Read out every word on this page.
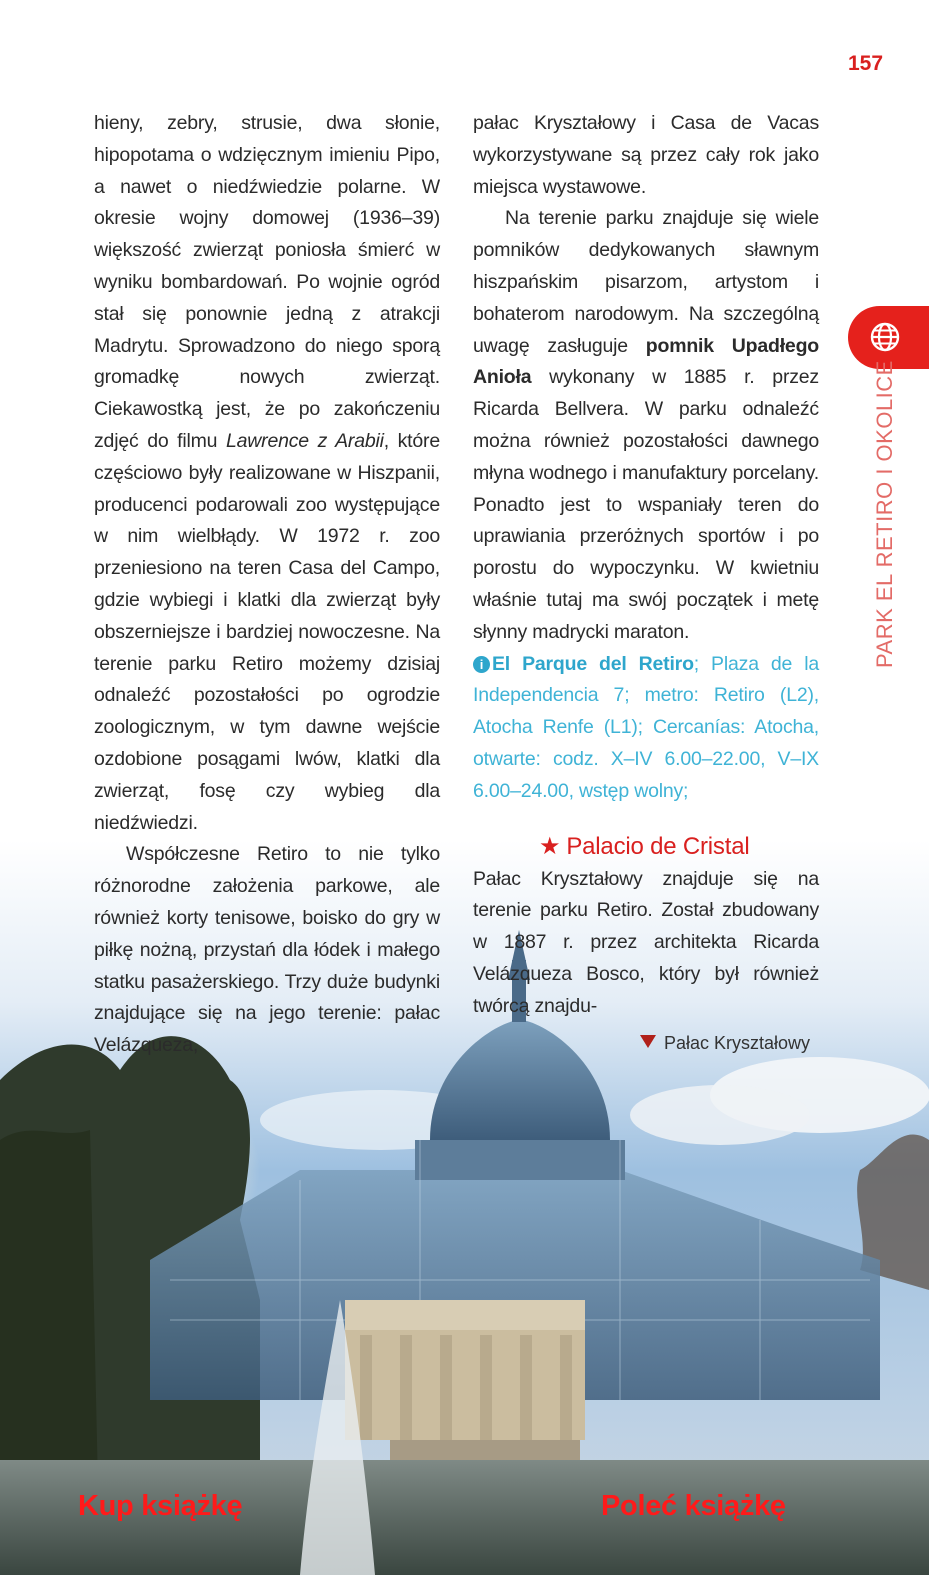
157

hieny, zebry, strusie, dwa słonie, hipopotama o wdzięcznym imieniu Pipo, a nawet o niedźwiedzie polarne. W okresie wojny domowej (1936–39) większość zwierząt poniosła śmierć w wyniku bombardowań. Po wojnie ogród stał się ponownie jedną z atrakcji Madrytu. Sprowadzono do niego sporą gromadkę nowych zwierząt. Ciekawostką jest, że po zakończeniu zdjęć do filmu Lawrence z Arabii, które częściowo były realizowane w Hiszpanii, producenci podarowali zoo występujące w nim wielbłądy. W 1972 r. zoo przeniesiono na teren Casa del Campo, gdzie wybiegi i klatki dla zwierząt były obszerniejsze i bardziej nowoczesne. Na terenie parku Retiro możemy dzisiaj odnaleźć pozostałości po ogrodzie zoologicznym, w tym dawne wejście ozdobione posągami lwów, klatki dla zwierząt, fosę czy wybieg dla niedźwiedzi.

Współczesne Retiro to nie tylko różnorodne założenia parkowe, ale również korty tenisowe, boisko do gry w piłkę nożną, przystań dla łódek i małego statku pasażerskiego. Trzy duże budynki znajdujące się na jego terenie: pałac Velázqueza,

pałac Kryształowy i Casa de Vacas wykorzystywane są przez cały rok jako miejsca wystawowe.

Na terenie parku znajduje się wiele pomników dedykowanych sławnym hiszpańskim pisarzom, artystom i bohaterom narodowym. Na szczególną uwagę zasługuje pomnik Upadłego Anioła wykonany w 1885 r. przez Ricarda Bellvera. W parku odnaleźć można również pozostałości dawnego młyna wodnego i manufaktury porcelany. Ponadto jest to wspaniały teren do uprawiania przeróżnych sportów i po porostu do wypoczynku. W kwietniu właśnie tutaj ma swój początek i metę słynny madrycki maraton.

i El Parque del Retiro; Plaza de la Independencia 7; metro: Retiro (L2), Atocha Renfe (L1); Cercanías: Atocha, otwarte: codz. X–IV 6.00–22.00, V–IX 6.00–24.00, wstęp wolny;

★ Palacio de Cristal

Pałac Kryształowy znajduje się na terenie parku Retiro. Został zbudowany w 1887 r. przez architekta Ricarda Velázqueza Bosco, który był również twórcą znajdu-

PARK EL RETIRO I OKOLICE
Pałac Kryształowy
Kup książkę	Poleć książkę
